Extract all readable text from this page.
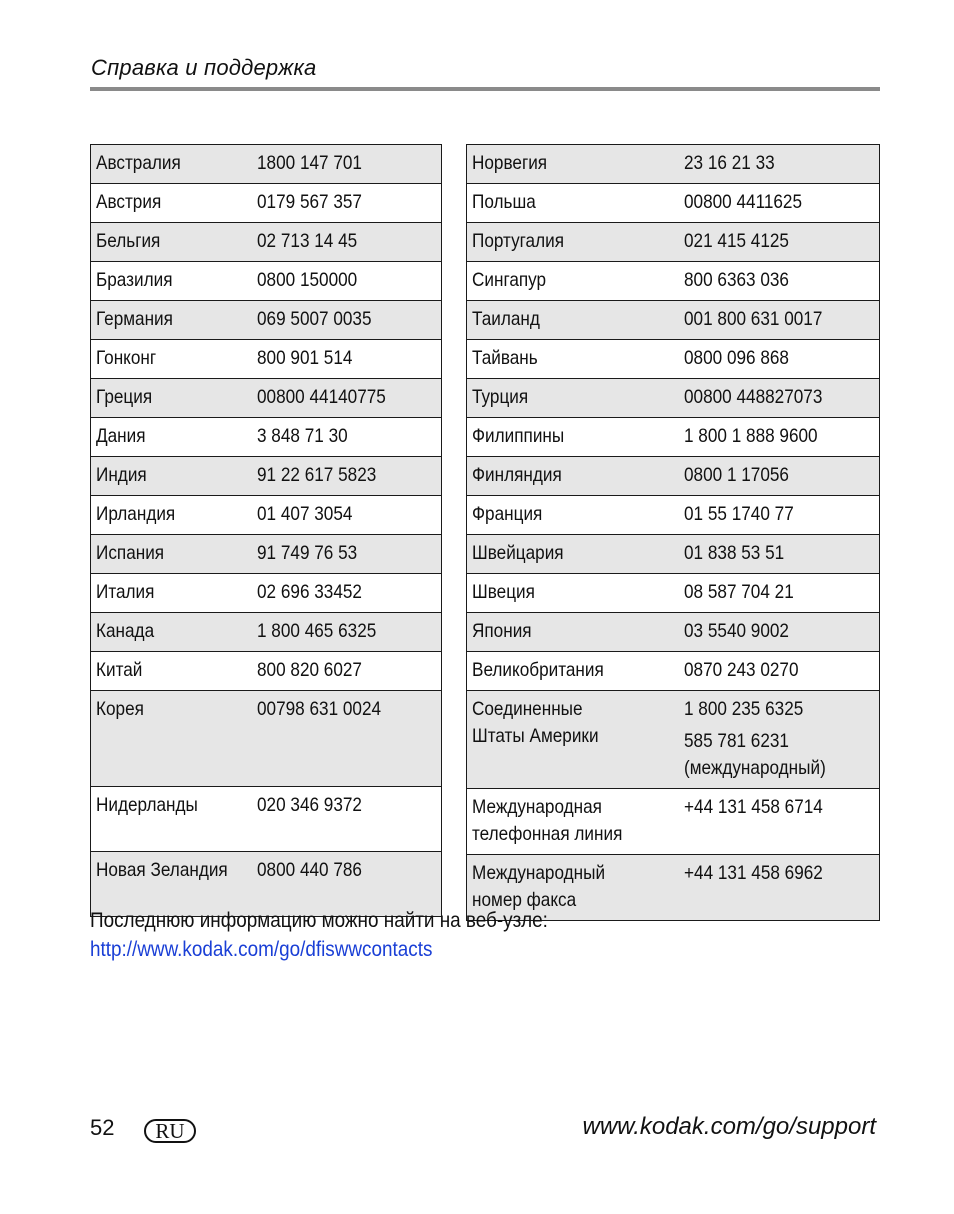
Справка и поддержка
Австралия	1800 147 701

Австрия	0179 567 357

Бельгия	02 713 14 45

Бразилия	0800 150000

Германия	069 5007 0035

Гонконг	800 901 514

Греция	00800 44140775

Дания	3 848 71 30

Индия	91 22 617 5823

Ирландия	01 407 3054

Испания	91 749 76 53

Италия	02 696 33452

Канада	1 800 465 6325

Китай	800 820 6027

Корея	00798 631 0024

Нидерланды	020 346 9372

Новая Зеландия	0800 440 786
Норвегия	23 16 21 33

Польша	00800 4411625

Португалия	021 415 4125

Сингапур	800 6363 036

Таиланд	001 800 631 0017

Тайвань	0800 096 868

Турция	00800 448827073

Филиппины	1 800 1 888 9600

Финляндия	0800 1 17056

Франция	01 55 1740 77

Швейцария	01 838 53 51

Швеция	08 587 704 21

Япония	03 5540 9002

Великобритания	0870 243 0270

Соединенные
Штаты Америки	1 800 235 6325
585 781 6231
(международный)

Международная
телефонная линия	+44 131 458 6714

Международный
номер факса	+44 131 458 6962
Последнюю информацию можно найти на веб-узле:
http://www.kodak.com/go/dfiswwcontacts
52	RU	www.kodak.com/go/support
